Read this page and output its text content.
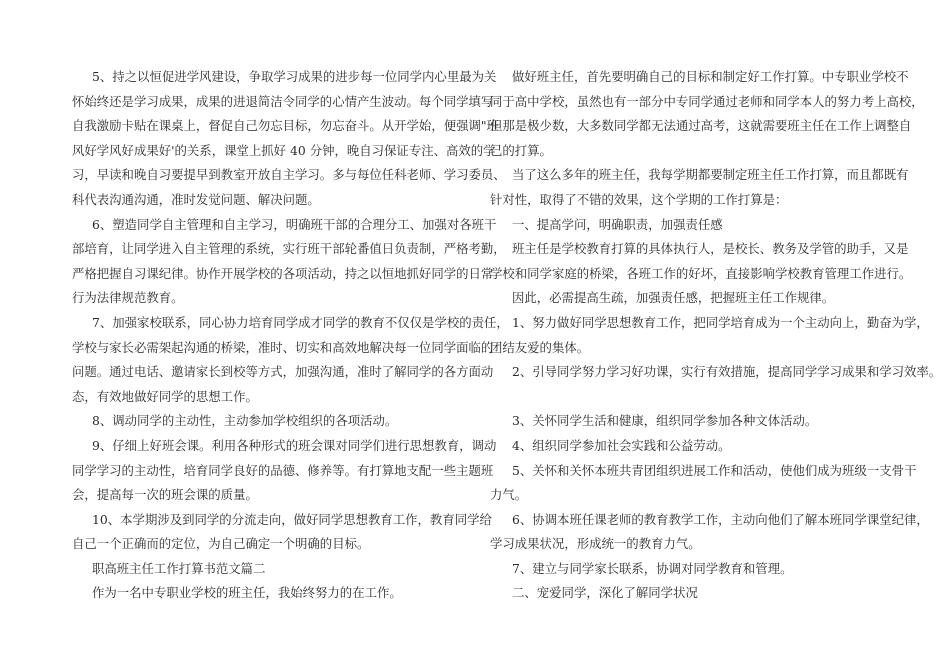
5、持之以恒促进学风建设，争取学习成果的进步每一位同学内心里最为关
怀始终还是学习成果，成果的进退简洁令同学的心情产生波动。每个同学填写
自我激励卡贴在课桌上，督促自己勿忘目标，勿忘奋斗。从开学始，便强调"班
风好学风好成果好'的关系，课堂上抓好 40 分钟，晚自习保证专注、高效的学
习，早读和晚自习要提早到教室开放自主学习。多与每位任科老师、学习委员、
科代表沟通沟通，准时发觉问题、解决问题。
6、塑造同学自主管理和自主学习，明确班干部的合理分工、加强对各班干
部培育，让同学进入自主管理的系统，实行班干部轮番值日负责制，严格考勤，
严格把握自习课纪律。协作开展学校的各项活动，持之以恒地抓好同学的日常
行为法律规范教育。
7、加强家校联系，同心协力培育同学成才同学的教育不仅仅是学校的责任，
学校与家长必需架起沟通的桥梁，准时、切实和高效地解决每一位同学面临的
问题。通过电话、邀请家长到校等方式，加强沟通，准时了解同学的各方面动
态，有效地做好同学的思想工作。
8、调动同学的主动性，主动参加学校组织的各项活动。
9、仔细上好班会课。利用各种形式的班会课对同学们进行思想教育，调动
同学学习的主动性，培育同学良好的品德、修养等。有打算地支配一些主题班
会，提高每一次的班会课的质量。
10、本学期涉及到同学的分流走向，做好同学思想教育工作，教育同学给
自己一个正确而的定位，为自己确定一个明确的目标。
职高班主任工作打算书范文篇二
作为一名中专职业学校的班主任，我始终努力的在工作。
做好班主任，首先要明确自己的目标和制定好工作打算。中专职业学校不
同于高中学校，虽然也有一部分中专同学通过老师和同学本人的努力考上高校，
但那是极少数，大多数同学都无法通过高考，这就需要班主任在工作上调整自
己的打算。
当了这么多年的班主任，我每学期都要制定班主任工作打算，而且都既有
针对性，取得了不错的效果，这个学期的工作打算是：
一、提高学问，明确职责，加强责任感
班主任是学校教育打算的具体执行人，是校长、教务及学管的助手，又是
学校和同学家庭的桥梁，各班工作的好坏，直接影响学校教育管理工作进行。
因此，必需提高生疏，加强责任感，把握班主任工作规律。
1、努力做好同学思想教育工作，把同学培育成为一个主动向上，勤奋为学，
团结友爱的集体。
2、引导同学努力学习好功课，实行有效措施，提高同学学习成果和学习效率。
3、关怀同学生活和健康，组织同学参加各种文体活动。
4、组织同学参加社会实践和公益劳动。
5、关怀和关怀本班共青团组织进展工作和活动，使他们成为班级一支骨干
力气。
6、协调本班任课老师的教育教学工作，主动向他们了解本班同学课堂纪律，
学习成果状况，形成统一的教育力气。
7、建立与同学家长联系，协调对同学教育和管理。
二、宠爱同学，深化了解同学状况
